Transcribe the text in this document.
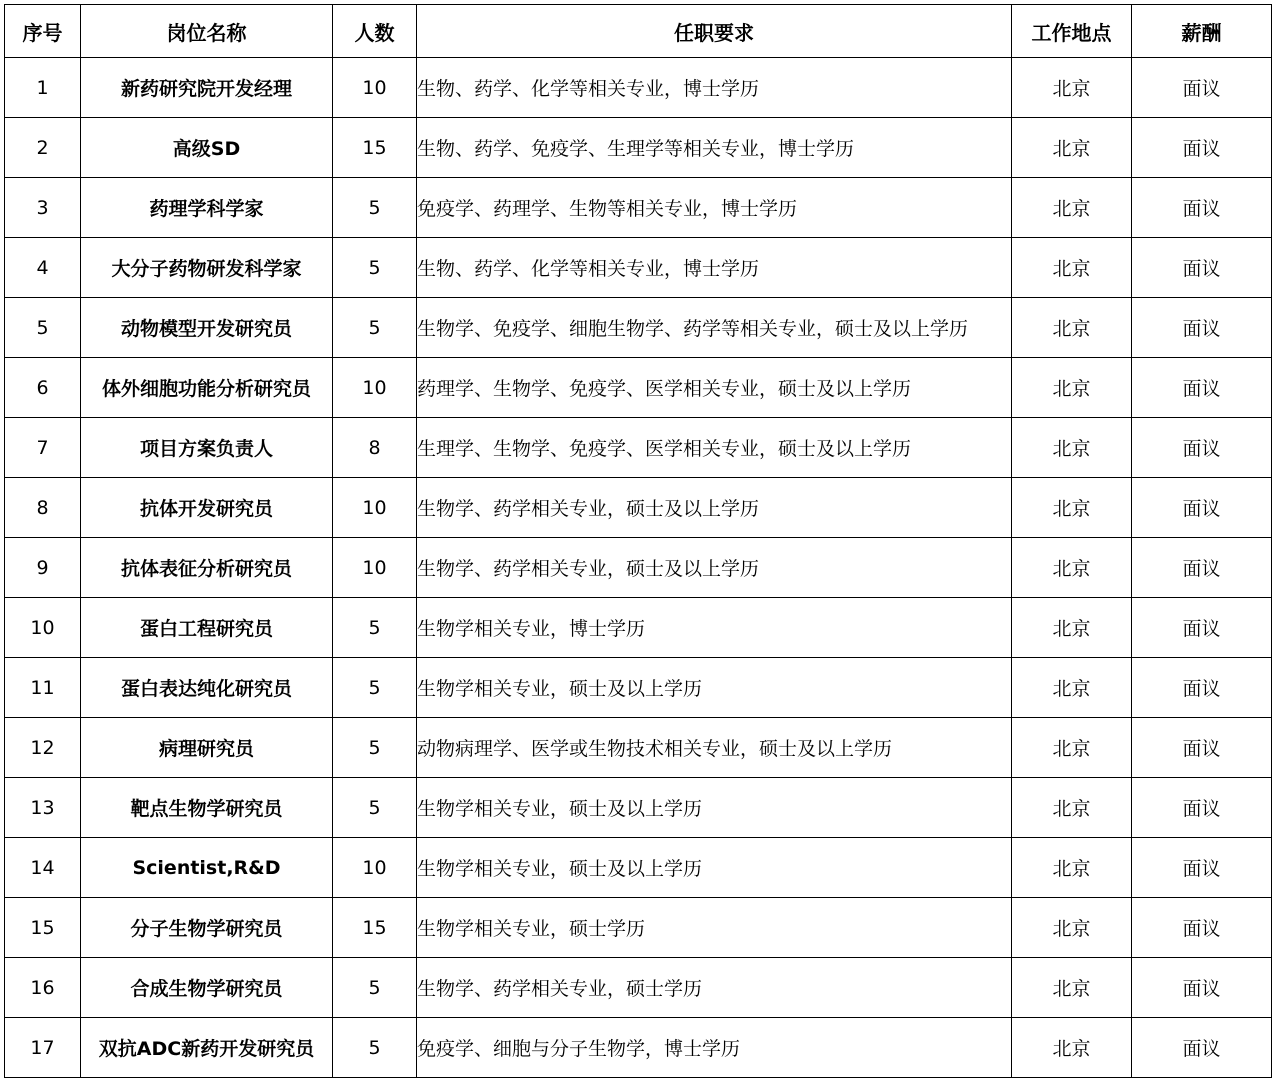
序号	岗位名称	人数	任职要求	工作地点	薪酬
1	新药研究院开发经理	10	生物、药学、化学等相关专业，博士学历	北京	面议
2	高级SD	15	生物、药学、免疫学、生理学等相关专业，博士学历	北京	面议
3	药理学科学家	5	免疫学、药理学、生物等相关专业，博士学历	北京	面议
4	大分子药物研发科学家	5	生物、药学、化学等相关专业，博士学历	北京	面议
5	动物模型开发研究员	5	生物学、免疫学、细胞生物学、药学等相关专业，硕士及以上学历	北京	面议
6	体外细胞功能分析研究员	10	药理学、生物学、免疫学、医学相关专业，硕士及以上学历	北京	面议
7	项目方案负责人	8	生理学、生物学、免疫学、医学相关专业，硕士及以上学历	北京	面议
8	抗体开发研究员	10	生物学、药学相关专业，硕士及以上学历	北京	面议
9	抗体表征分析研究员	10	生物学、药学相关专业，硕士及以上学历	北京	面议
10	蛋白工程研究员	5	生物学相关专业，博士学历	北京	面议
11	蛋白表达纯化研究员	5	生物学相关专业，硕士及以上学历	北京	面议
12	病理研究员	5	动物病理学、医学或生物技术相关专业，硕士及以上学历	北京	面议
13	靶点生物学研究员	5	生物学相关专业，硕士及以上学历	北京	面议
14	Scientist,R&D	10	生物学相关专业，硕士及以上学历	北京	面议
15	分子生物学研究员	15	生物学相关专业，硕士学历	北京	面议
16	合成生物学研究员	5	生物学、药学相关专业，硕士学历	北京	面议
17	双抗ADC新药开发研究员	5	免疫学、细胞与分子生物学，博士学历	北京	面议
